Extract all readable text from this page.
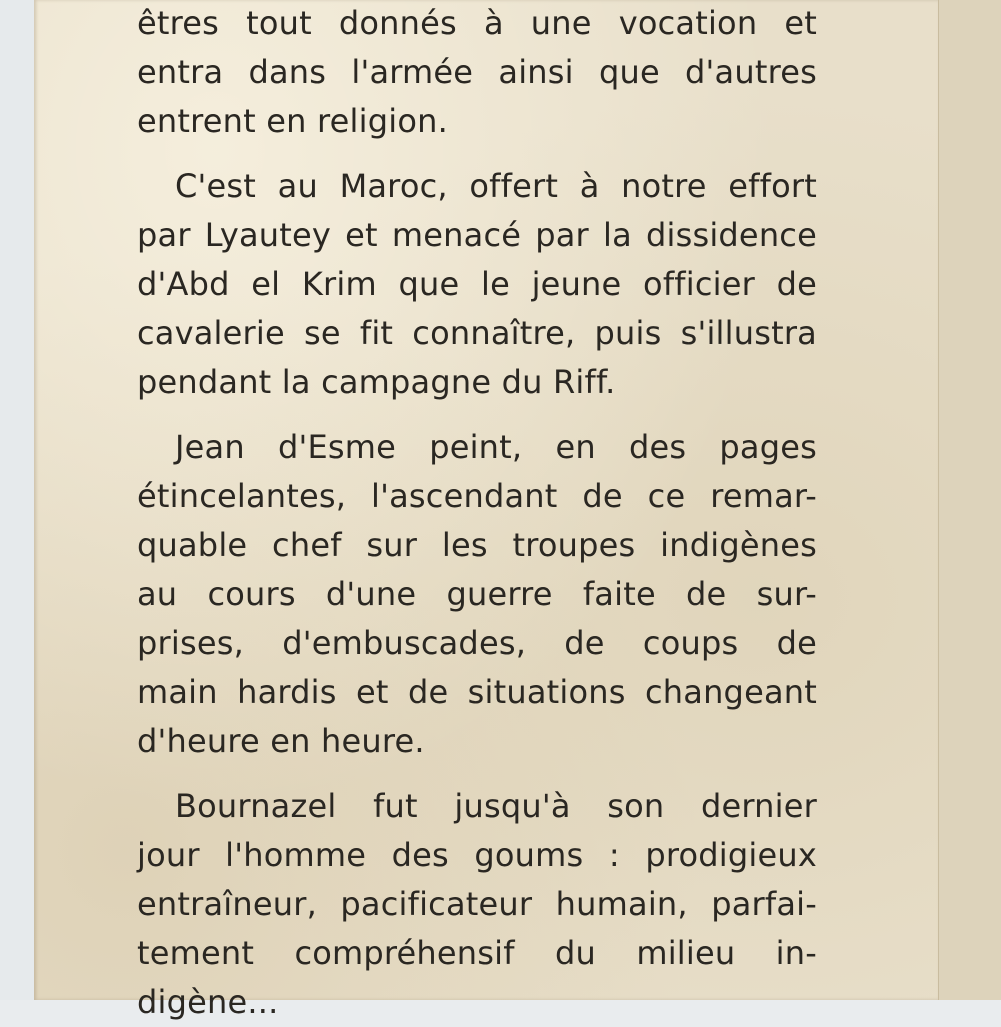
êtres tout donnés à une vocation et
entra dans l'armée ainsi que d'autres
entrent en religion.
C'est au Maroc, offert à notre effort
par Lyautey et menacé par la dissidence
d'Abd el Krim que le jeune officier de
cavalerie se fit connaître, puis s'illustra
pendant la campagne du Riff.
Jean d'Esme peint, en des pages
étincelantes, l'ascendant de ce remar-
quable chef sur les troupes indigènes
au cours d'une guerre faite de sur-
prises, d'embuscades, de coups de
main hardis et de situations changeant
d'heure en heure.
Bournazel fut jusqu'à son dernier
jour l'homme des goums : prodigieux
entraîneur, pacificateur humain, parfai-
tement compréhensif du milieu in-
digène...
